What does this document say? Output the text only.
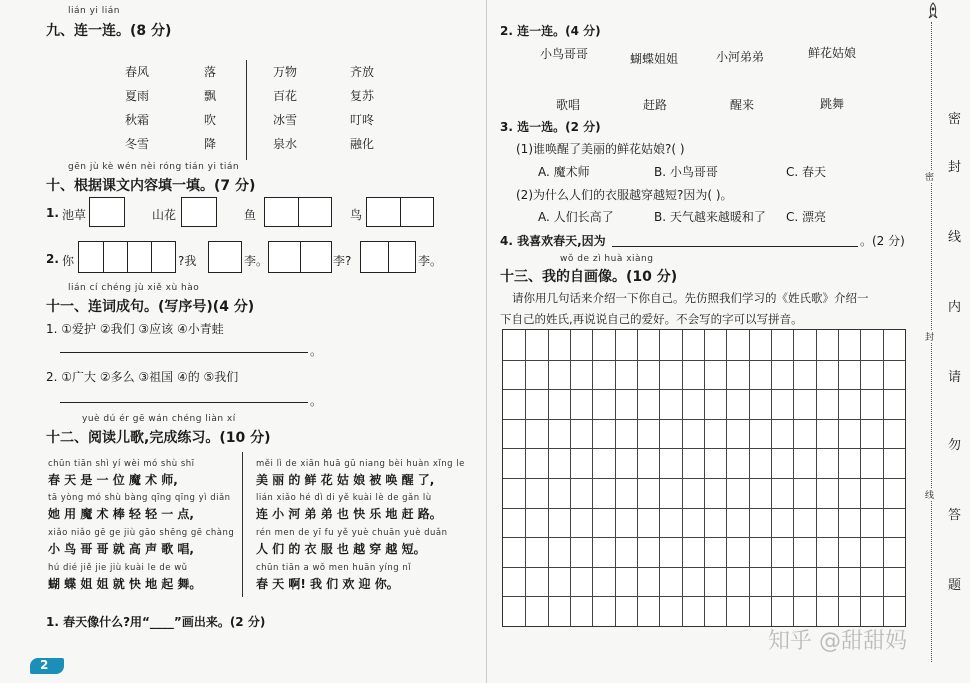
lián yi lián
九、连一连。(8 分)
春风
夏雨
秋霜
冬雪
落
飘
吹
降
万物
百花
冰雪
泉水
齐放
复苏
叮咚
融化
gēn jù kè wén nèi róng tián yi tián
十、根据课文内容填一填。(7 分)
1. 池草	山花	鱼	鸟
2. 你	?我	李。	李?	李。
lián cí chéng jù xiě xù hào
十一、连词成句。(写序号)(4 分)
1. ①爱护 ②我们 ③应该 ④小青蛙
。
2. ①广大 ②多么 ③祖国 ④的 ⑤我们
。
yuè dú ér gē wán chéng liàn xí
十二、阅读儿歌,完成练习。(10 分)
chūn tiān shì yí wèi mó shù shī
春 天 是 一 位 魔 术 师,
tā yòng mó shù bàng qīng qīng yì diǎn
她 用 魔 术 棒 轻 轻 一 点,
xiǎo niǎo gē ge jiù gāo shēng gē chàng
小 鸟 哥 哥 就 高 声 歌 唱,
hú dié jiě jie jiù kuài le de wǔ
蝴 蝶 姐 姐 就 快 地 起 舞。
měi lì de xiān huā gū niang bèi huàn xǐng le
美 丽 的 鲜 花 姑 娘 被 唤 醒 了,
lián xiǎo hé dì di yě kuài lè de gǎn lù
连 小 河 弟 弟 也 快 乐 地 赶 路。
rén men de yī fu yě yuè chuān yuè duǎn
人 们 的 衣 服 也 越 穿 越 短。
chūn tiān a wǒ men huān yíng nǐ
春 天 啊! 我 们 欢 迎 你。
1. 春天像什么?用“____”画出来。(2 分)
2
2. 连一连。(4 分)
小鸟哥哥	蝴蝶姐姐	小河弟弟	鲜花姑娘
歌唱	赶路	醒来	跳舞
3. 选一选。(2 分)
(1)谁唤醒了美丽的鲜花姑娘?( )
A. 魔术师	B. 小鸟哥哥	C. 春天
(2)为什么人们的衣服越穿越短?因为( )。
A. 人们长高了	B. 天气越来越暖和了 C. 漂亮
4. 我喜欢春天,因为	。(2 分)
wǒ de zì huà xiàng
十三、我的自画像。(10 分)
请你用几句话来介绍一下你自己。先仿照我们学习的《姓氏歌》介绍一
下自己的姓氏,再说说自己的爱好。不会写的字可以写拼音。
密
封
线
内
请
勿
答
题
密
封
线
知乎 @甜甜妈
